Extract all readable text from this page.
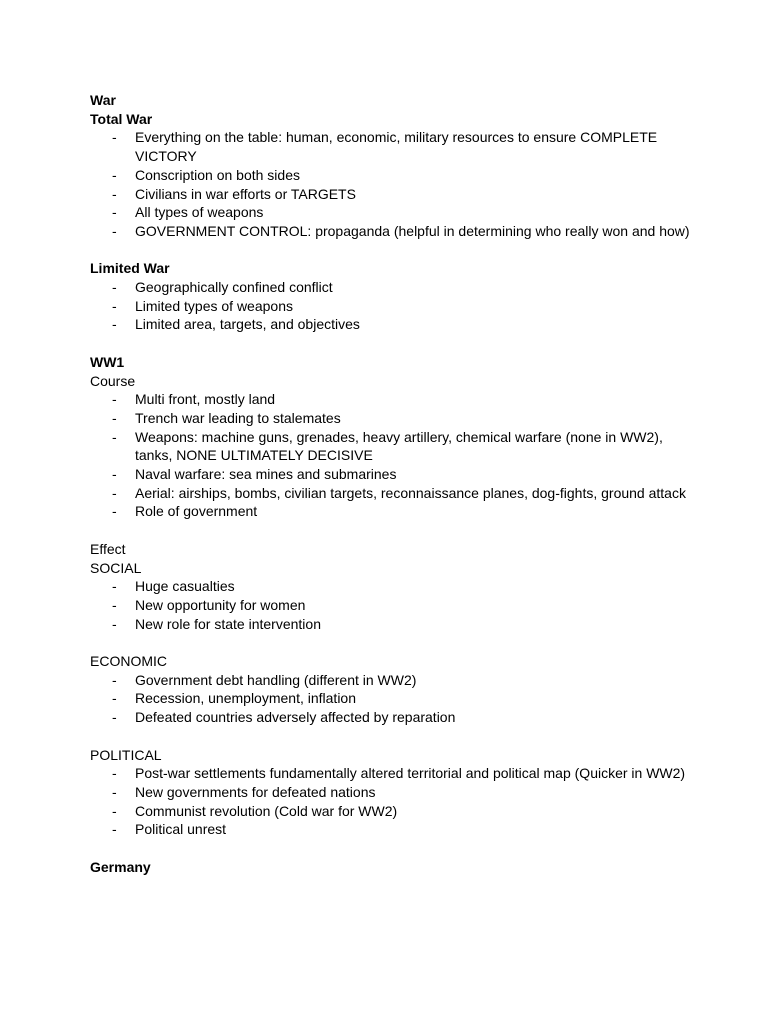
War

Total War

- Everything on the table: human, economic, military resources to ensure COMPLETE VICTORY
- Conscription on both sides
- Civilians in war efforts or TARGETS
- All types of weapons
- GOVERNMENT CONTROL: propaganda (helpful in determining who really won and how)

Limited War

- Geographically confined conflict
- Limited types of weapons
- Limited area, targets, and objectives

WW1

Course

- Multi front, mostly land
- Trench war leading to stalemates
- Weapons: machine guns, grenades, heavy artillery, chemical warfare (none in WW2), tanks, NONE ULTIMATELY DECISIVE
- Naval warfare: sea mines and submarines
- Aerial: airships, bombs, civilian targets, reconnaissance planes, dog-fights, ground attack
- Role of government

Effect

SOCIAL

- Huge casualties
- New opportunity for women
- New role for state intervention

ECONOMIC

- Government debt handling (different in WW2)
- Recession, unemployment, inflation
- Defeated countries adversely affected by reparation

POLITICAL

- Post-war settlements fundamentally altered territorial and political map (Quicker in WW2)
- New governments for defeated nations
- Communist revolution (Cold war for WW2)
- Political unrest

Germany
